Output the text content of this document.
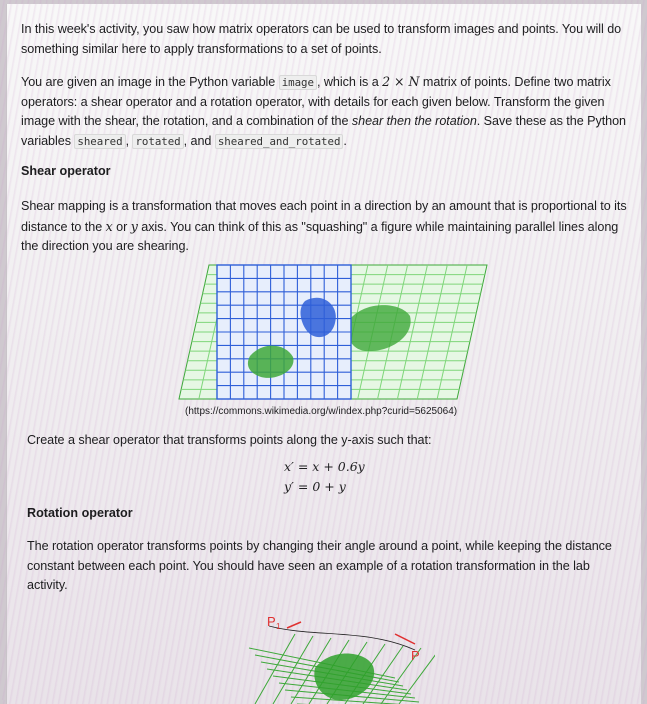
In this week's activity, you saw how matrix operators can be used to transform images and points. You will do something similar here to apply transformations to a set of points.

You are given an image in the Python variable image , which is a 2 × N matrix of points. Define two matrix operators: a shear operator and a rotation operator, with details for each given below. Transform the given image with the shear, the rotation, and a combination of the shear then the rotation. Save these as the Python variables sheared , rotated , and sheared_and_rotated .

Shear operator

Shear mapping is a transformation that moves each point in a direction by an amount that is proportional to its distance to the x or y axis. You can think of this as "squashing" a figure while maintaining parallel lines along the direction you are shearing.

(https://commons.wikimedia.org/w/index.php?curid=5625064)

Create a shear operator that transforms points along the y-axis such that:

x′ = x + 0.6y
y′ = 0 + y
Rotation operator

The rotation operator transforms points by changing their angle around a point, while keeping the distance constant between each point. You should have seen an example of a rotation transformation in the lab activity.

P 1
P
